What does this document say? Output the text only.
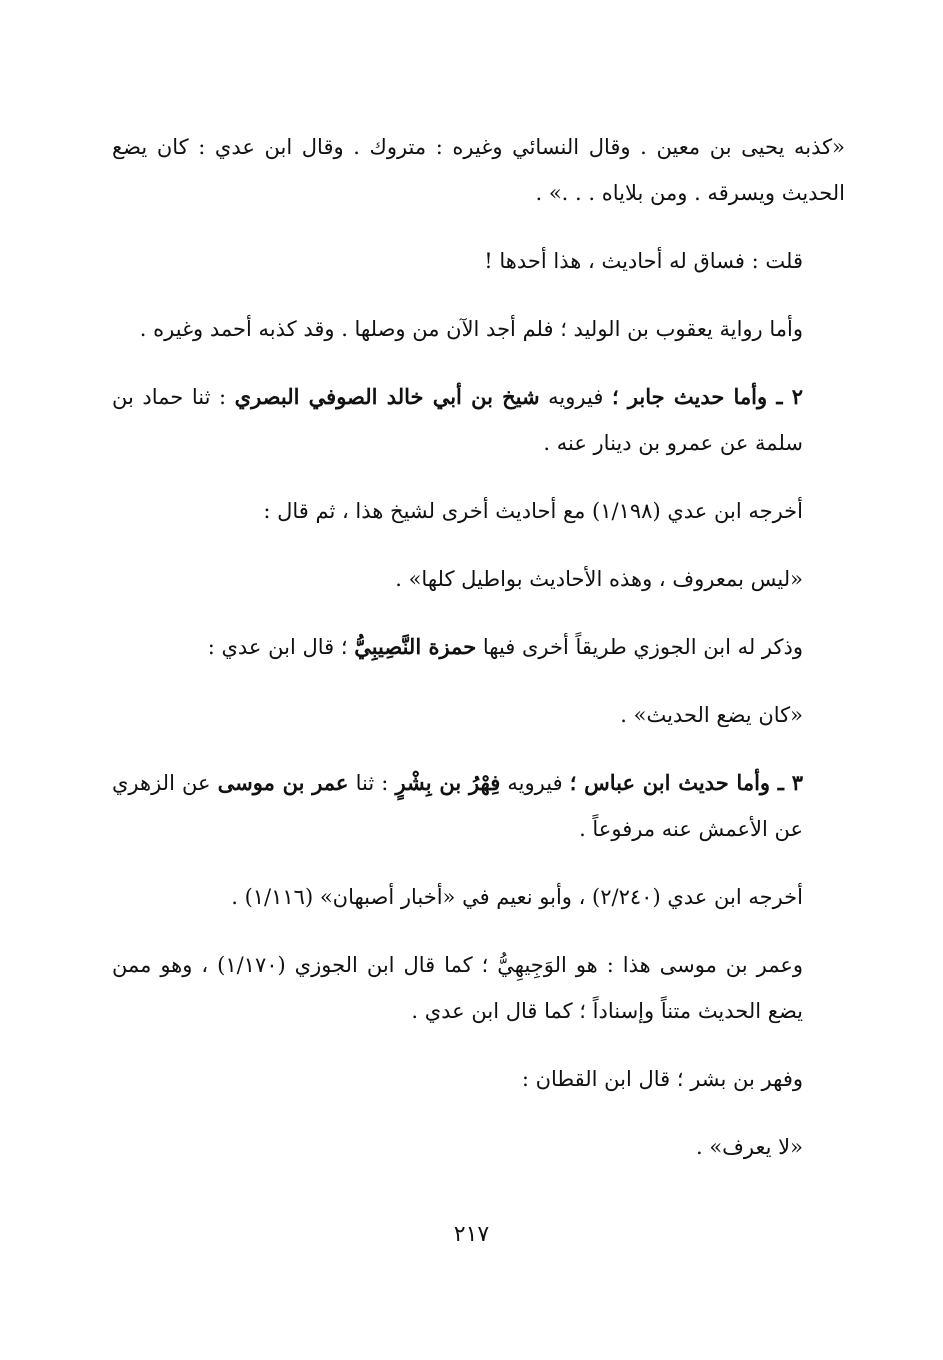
«كذبه يحيى بن معين . وقال النسائي وغيره : متروك . وقال ابن عدي : كان يضع الحديث ويسرقه . ومن بلاياه . . .» .

قلت : فساق له أحاديث ، هذا أحدها !

وأما رواية يعقوب بن الوليد ؛ فلم أجد الآن من وصلها . وقد كذبه أحمد وغيره .

٢ ـ وأما حديث جابر ؛ فيرويه شيخ بن أبي خالد الصوفي البصري : ثنا حماد بن سلمة عن عمرو بن دينار عنه .

أخرجه ابن عدي (١/١٩٨) مع أحاديث أخرى لشيخ هذا ، ثم قال :

«ليس بمعروف ، وهذه الأحاديث بواطيل كلها» .

وذكر له ابن الجوزي طريقاً أخرى فيها حمزة النَّصِيبِيُّ ؛ قال ابن عدي :

«كان يضع الحديث» .

٣ ـ وأما حديث ابن عباس ؛ فيرويه فِهْرُ بن بِشْرٍ : ثنا عمر بن موسى عن الزهري عن الأعمش عنه مرفوعاً .

أخرجه ابن عدي (٢/٢٤٠) ، وأبو نعيم في «أخبار أصبهان» (١/١١٦) .

وعمر بن موسى هذا : هو الوَجِيهِيُّ ؛ كما قال ابن الجوزي (١/١٧٠) ، وهو ممن يضع الحديث متناً وإسناداً ؛ كما قال ابن عدي .

وفهر بن بشر ؛ قال ابن القطان :

«لا يعرف» .

٢١٧
